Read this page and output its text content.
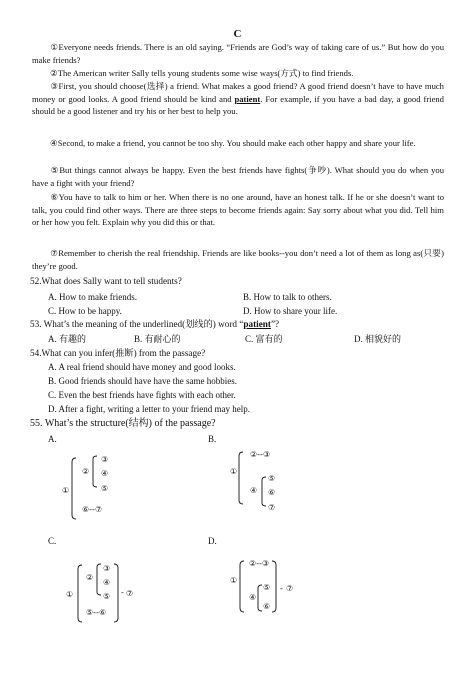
C
①Everyone needs friends. There is an old saying. “Friends are God’s way of taking care of us.” But how do you make friends?
②The American writer Sally tells young students some wise ways(方式) to find friends.
③First, you should choose(选择) a friend. What makes a good friend? A good friend doesn’t have to have much money or good looks. A good friend should be kind and patient. For example, if you have a bad day, a good friend should be a good listener and try his or her best to help you.
④Second, to make a friend, you cannot be too shy. You should make each other happy and share your life.
⑤But things cannot always be happy. Even the best friends have fights(争吵). What should you do when you have a fight with your friend?
⑥You have to talk to him or her. When there is no one around, have an honest talk. If he or she doesn’t want to talk, you could find other ways. There are three steps to become friends again: Say sorry about what you did. Tell him or her how you felt. Explain why you did this or that.
⑦Remember to cherish the real friendship. Friends are like books--you don’t need a lot of them as long as(只要) they’re good.
52.What does Sally want to tell students?
A. How to make friends.	B. How to talk to others.
C. How to be happy.	D. How to share your life.
53. What’s the meaning of the underlined(划线的) word “patient”?
A. 有趣的	B. 有耐心的	C. 富有的	D. 相貌好的
54.What can you infer(推断) from the passage?
A. A real friend should have money and good looks.
B. Good friends should have have the same hobbies.
C. Even the best friends have fights with each other.
D. After a fight, writing a letter to your friend may help.
55. What’s the structure(结构) of the passage?
A.	B.
C.	D.
①
②
③
④
⑤
⑥--⑦
①
②--③
④
⑤
⑥
⑦
①
②
③
④
⑤
⑤--⑥
- ⑦
①
②--③
④
⑤
⑥
- ⑦
